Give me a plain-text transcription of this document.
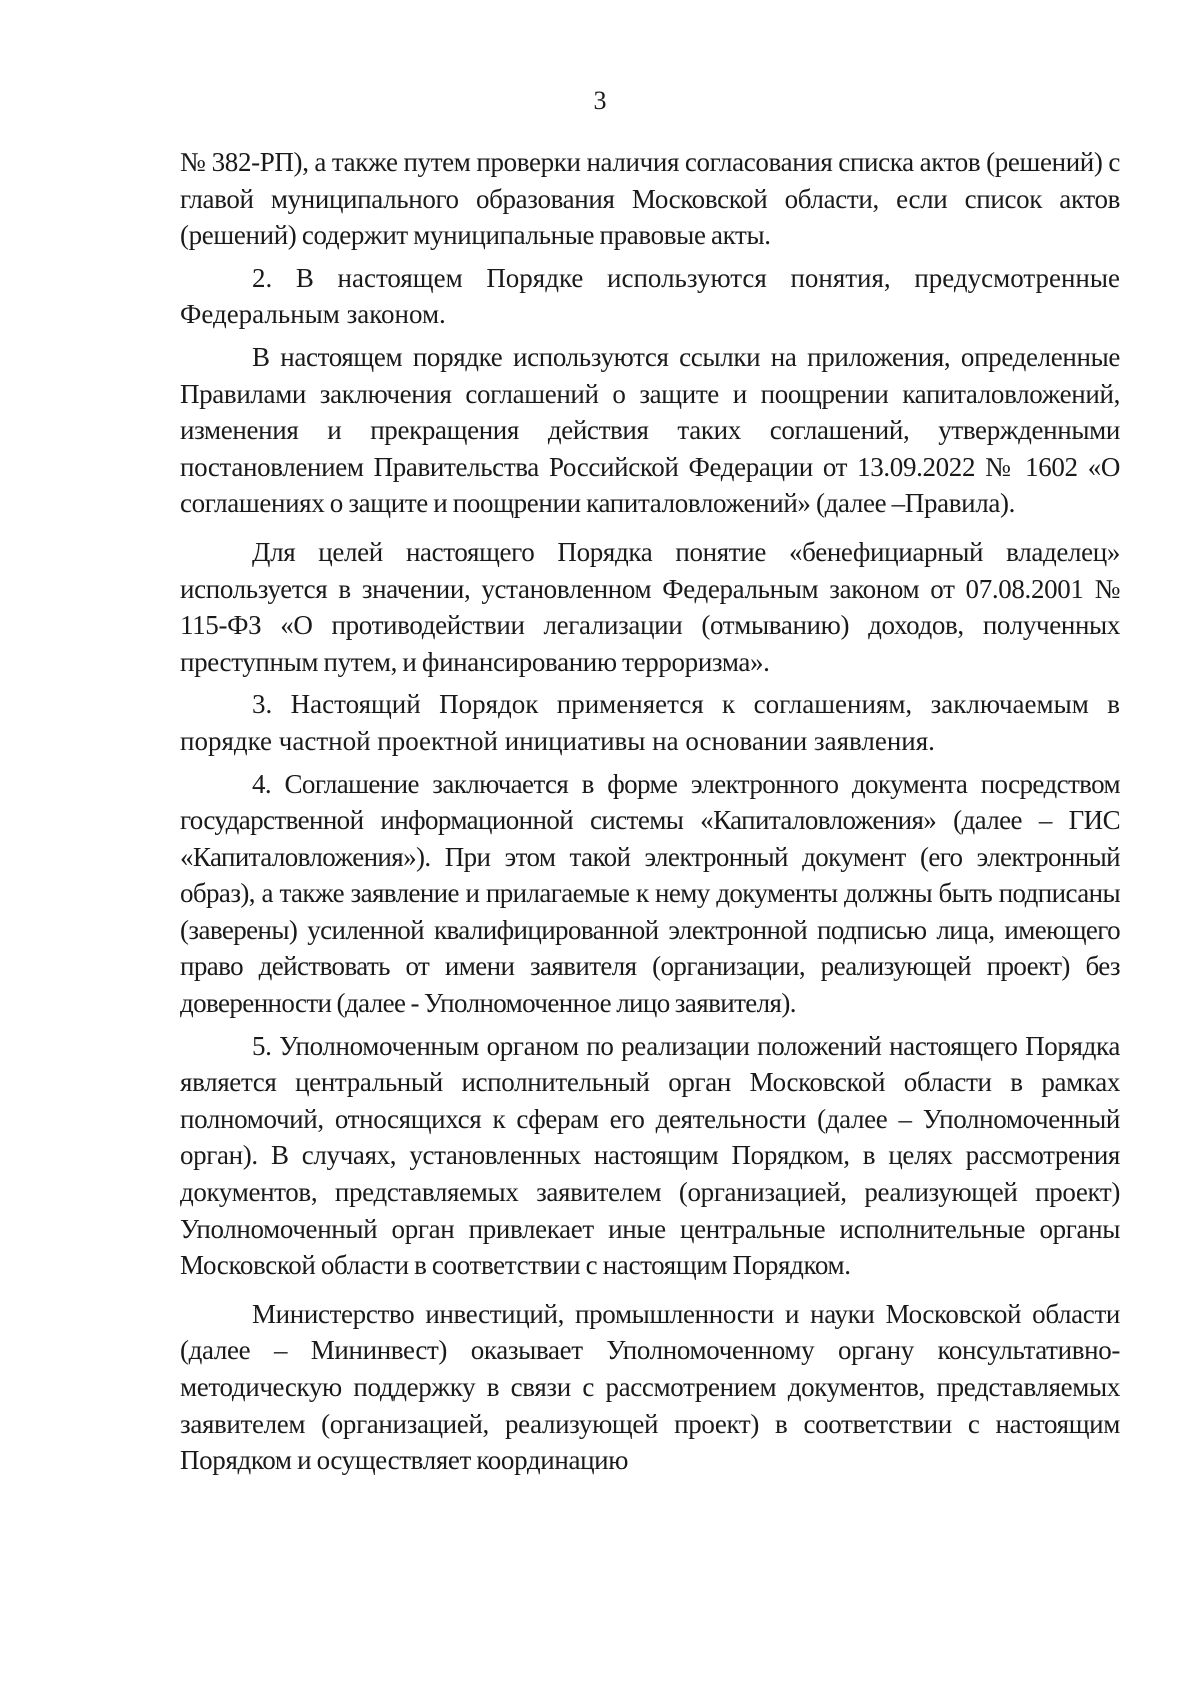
3

№ 382-РП), а также путем проверки наличия согласования списка актов (решений) с главой муниципального образования Московской области, если список актов (решений) содержит муниципальные правовые акты.

2. В настоящем Порядке используются понятия, предусмотренные Федеральным законом.

В настоящем порядке используются ссылки на приложения, определенные Правилами заключения соглашений о защите и поощрении капиталовложений, изменения и прекращения действия таких соглашений, утвержденными постановлением Правительства Российской Федерации от 13.09.2022 № 1602 «О соглашениях о защите и поощрении капиталовложений» (далее –Правила).

Для целей настоящего Порядка понятие «бенефициарный владелец» используется в значении, установленном Федеральным законом от 07.08.2001 № 115-ФЗ «О противодействии легализации (отмыванию) доходов, полученных преступным путем, и финансированию терроризма».

3. Настоящий Порядок применяется к соглашениям, заключаемым в порядке частной проектной инициативы на основании заявления.

4. Соглашение заключается в форме электронного документа посредством государственной информационной системы «Капиталовложения» (далее – ГИС «Капиталовложения»). При этом такой электронный документ (его электронный образ), а также заявление и прилагаемые к нему документы должны быть подписаны (заверены) усиленной квалифицированной электронной подписью лица, имеющего право действовать от имени заявителя (организации, реализующей проект) без доверенности (далее - Уполномоченное лицо заявителя).

5. Уполномоченным органом по реализации положений настоящего Порядка является центральный исполнительный орган Московской области в рамках полномочий, относящихся к сферам его деятельности (далее – Уполномоченный орган). В случаях, установленных настоящим Порядком, в целях рассмотрения документов, представляемых заявителем (организацией, реализующей проект) Уполномоченный орган привлекает иные центральные исполнительные органы Московской области в соответствии с настоящим Порядком.

Министерство инвестиций, промышленности и науки Московской области (далее – Мининвест) оказывает Уполномоченному органу консультативно-методическую поддержку в связи с рассмотрением документов, представляемых заявителем (организацией, реализующей проект) в соответствии с настоящим Порядком и осуществляет координацию
